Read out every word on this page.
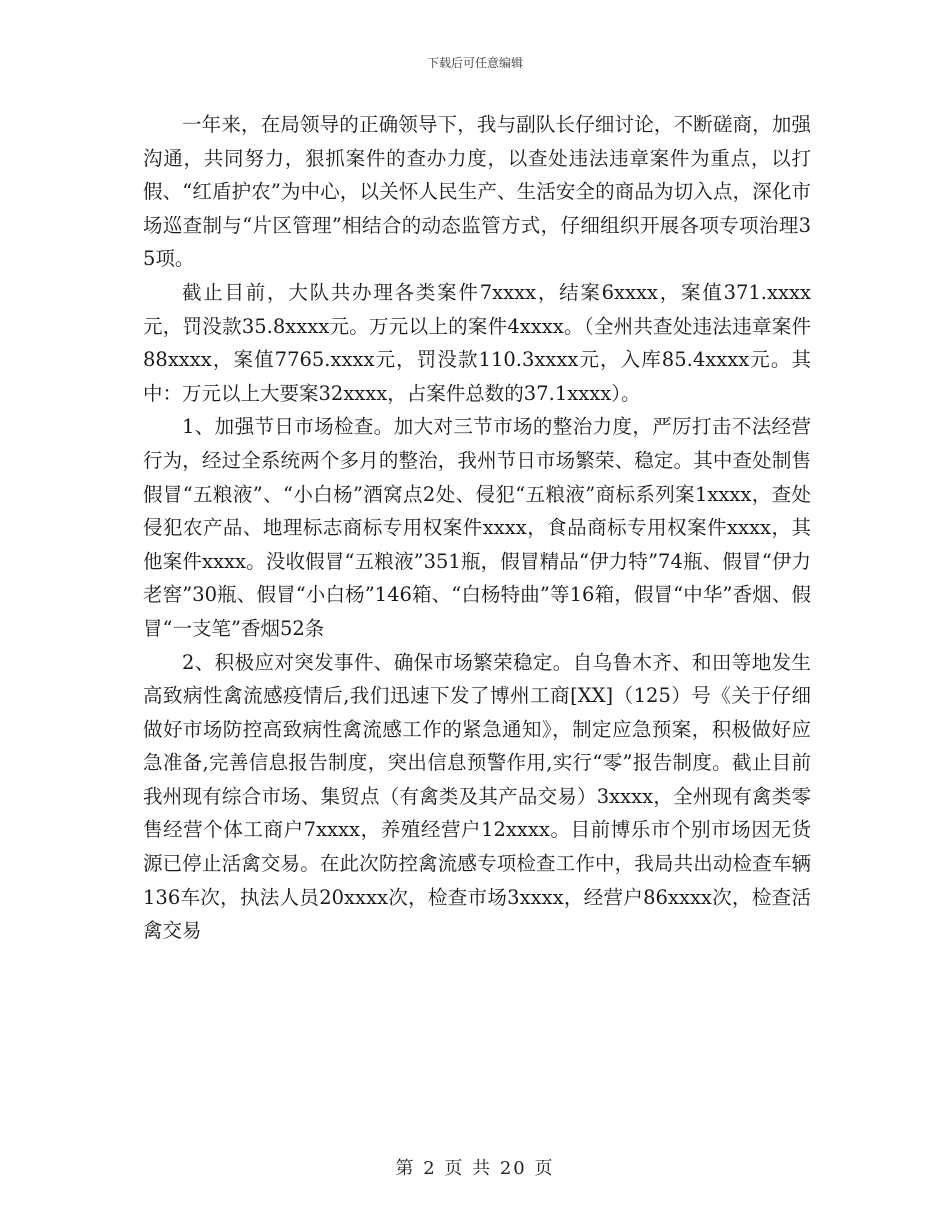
下载后可任意编辑

一年来，在局领导的正确领导下，我与副队长仔细讨论，不断磋商，加强沟通，共同努力，狠抓案件的查办力度，以查处违法违章案件为重点，以打假、“红盾护农”为中心，以关怀人民生产、生活安全的商品为切入点，深化市场巡查制与“片区管理”相结合的动态监管方式，仔细组织开展各项专项治理35项。

截止目前，大队共办理各类案件7xxxx，结案6xxxx，案值371.xxxx元，罚没款35.8xxxx元。万元以上的案件4xxxx。（全州共查处违法违章案件88xxxx，案值7765.xxxx元，罚没款110.3xxxx元，入库85.4xxxx元。其中：万元以上大要案32xxxx，占案件总数的37.1xxxx）。

1、加强节日市场检查。加大对三节市场的整治力度，严厉打击不法经营行为，经过全系统两个多月的整治，我州节日市场繁荣、稳定。其中查处制售假冒“五粮液”、“小白杨”酒窝点2处、侵犯“五粮液”商标系列案1xxxx，查处侵犯农产品、地理标志商标专用权案件xxxx，食品商标专用权案件xxxx，其他案件xxxx。没收假冒“五粮液”351瓶，假冒精品“伊力特”74瓶、假冒“伊力老窖”30瓶、假冒“小白杨”146箱、“白杨特曲”等16箱，假冒“中华”香烟、假冒“一支笔”香烟52条

2、积极应对突发事件、确保市场繁荣稳定。自乌鲁木齐、和田等地发生高致病性禽流感疫情后,我们迅速下发了博州工商[XX]（125）号《关于仔细做好市场防控高致病性禽流感工作的紧急通知》，制定应急预案，积极做好应急准备,完善信息报告制度，突出信息预警作用,实行“零”报告制度。截止目前我州现有综合市场、集贸点（有禽类及其产品交易）3xxxx，全州现有禽类零售经营个体工商户7xxxx，养殖经营户12xxxx。目前博乐市个别市场因无货源已停止活禽交易。在此次防控禽流感专项检查工作中，我局共出动检查车辆136车次，执法人员20xxxx次，检查市场3xxxx，经营户86xxxx次，检查活禽交易

第 2 页 共 20 页
